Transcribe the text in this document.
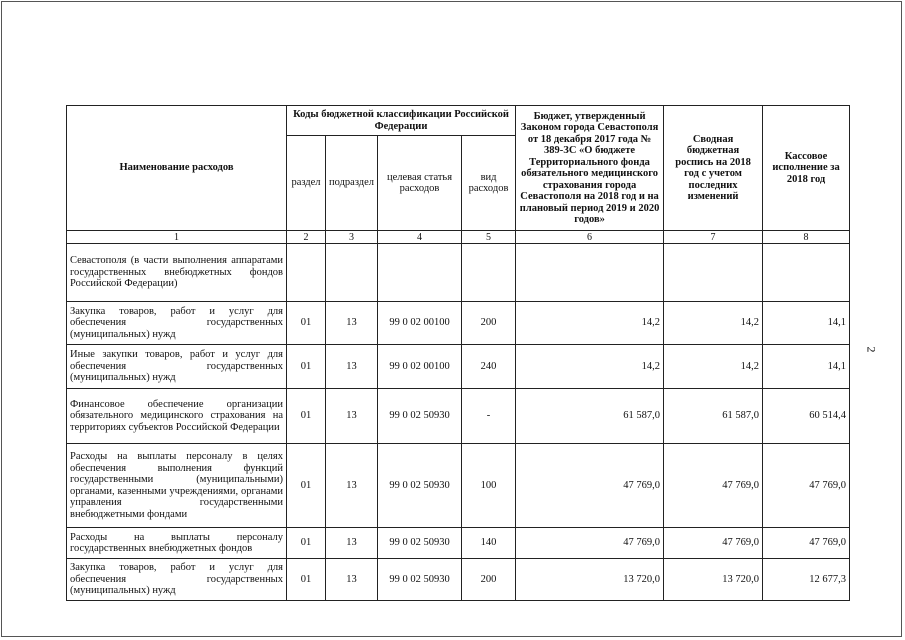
2
Наименование расходов	Коды бюджетной классификации Российской Федерации				Бюджет, утвержденный Законом города Севастополя от 18 декабря 2017 года № 389-ЗС «О бюджете Территориального фонда обязательного медицинского страхования города Севастополя на 2018 год и на плановый период 2019 и 2020 годов»	Сводная бюджетная роспись на 2018 год с учетом последних изменений	Кассовое исполнение за 2018 год
	раздел	подраздел	целевая статья расходов	вид расходов			
1	2	3	4	5	6	7	8
Севастополя (в части выполнения аппаратами государственных внебюджетных фондов Российской Федерации)							
Закупка товаров, работ и услуг для обеспечения государственных (муниципальных) нужд	01	13	99 0 02 00100	200	14,2	14,2	14,1
Иные закупки товаров, работ и услуг для обеспечения государственных (муниципальных) нужд	01	13	99 0 02 00100	240	14,2	14,2	14,1
Финансовое обеспечение организации обязательного медицинского страхования на территориях субъектов Российской Федерации	01	13	99 0 02 50930	-	61 587,0	61 587,0	60 514,4
Расходы на выплаты персоналу в целях обеспечения выполнения функций государственными (муниципальными) органами, казенными учреждениями, органами управления государственными внебюджетными фондами	01	13	99 0 02 50930	100	47 769,0	47 769,0	47 769,0
Расходы на выплаты персоналу государственных внебюджетных фондов	01	13	99 0 02 50930	140	47 769,0	47 769,0	47 769,0
Закупка товаров, работ и услуг для обеспечения государственных (муниципальных) нужд	01	13	99 0 02 50930	200	13 720,0	13 720,0	12 677,3
